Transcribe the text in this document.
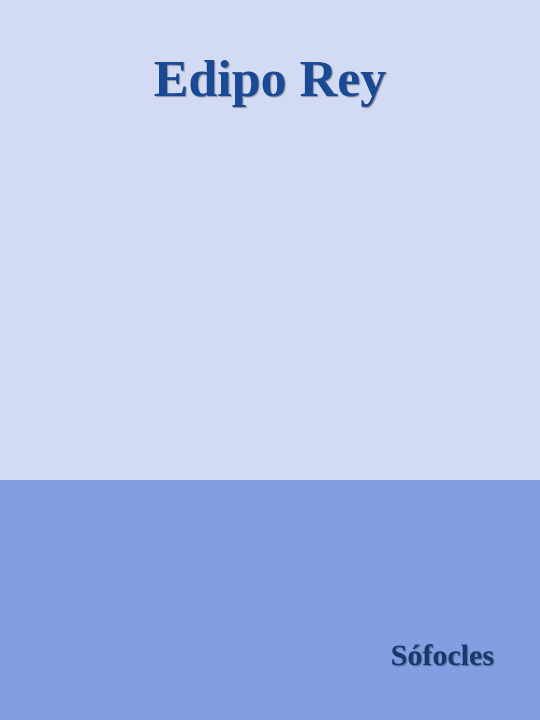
Edipo Rey
Sófocles
